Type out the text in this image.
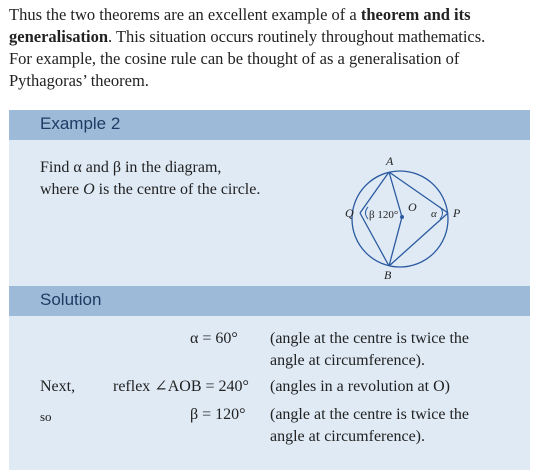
Thus the two theorems are an excellent example of a theorem and its
generalisation. This situation occurs routinely throughout mathematics.
For example, the cosine rule can be thought of as a generalisation of
Pythagoras’ theorem.
Example 2
Find α and β in the diagram,
where O is the centre of the circle.
A
Q β 120°
O α P
B
Solution
α = 60° (angle at the centre is twice the
angle at circumference).
Next, reflex ∠AOB = 240° (angles in a revolution at O)
so	β = 120° (angle at the centre is twice the
angle at circumference).
